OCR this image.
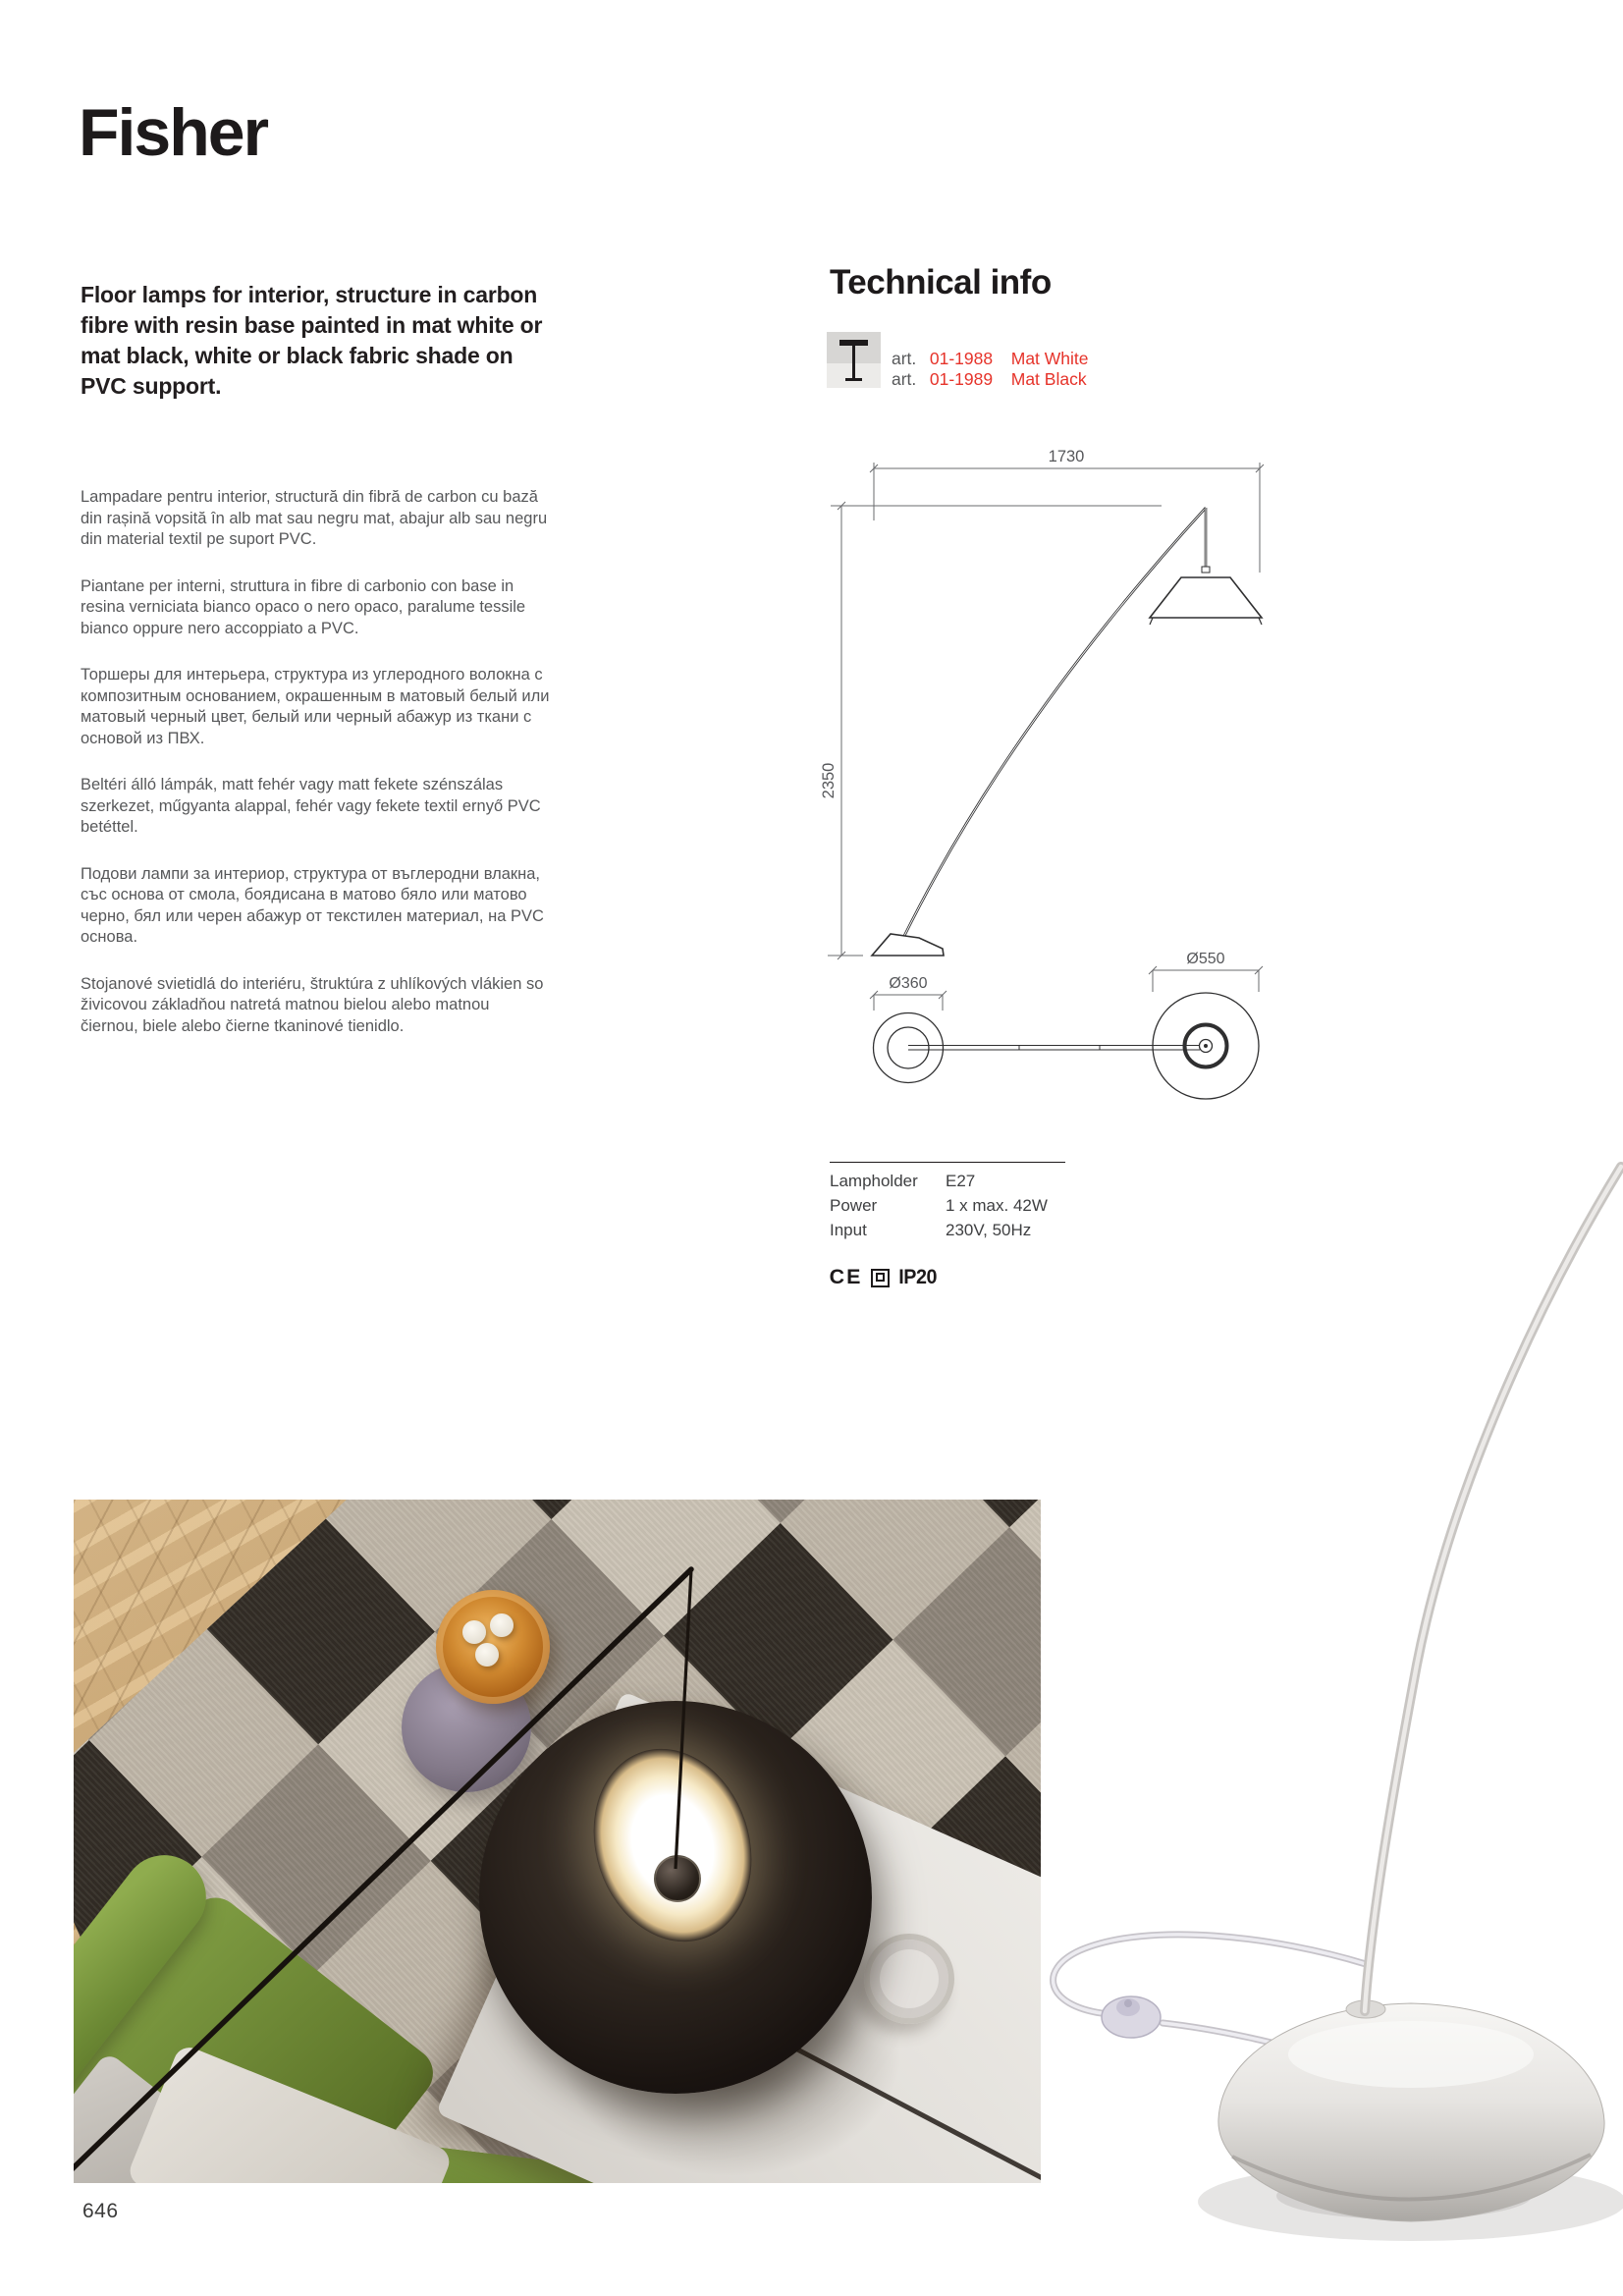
Fisher
Floor lamps for interior, structure in carbon fibre with resin base painted in mat white or mat black, white or black fabric shade on PVC support.

Lampadare pentru interior, structură din fibră de carbon cu bază din rașină vopsită în alb mat sau negru mat, abajur alb sau negru din material textil pe suport PVC.

Piantane per interni, struttura in fibre di carbonio con base in resina verniciata bianco opaco o nero opaco, paralume tessile bianco oppure nero accoppiato a PVC.

Торшеры для интерьера, структура из углеродного волокна с композитным основанием, окрашенным в матовый белый или матовый черный цвет, белый или черный абажур из ткани с основой из ПВХ.

Beltéri álló lámpák, matt fehér vagy matt fekete szénszálas szerkezet, műgyanta alappal, fehér vagy fekete textil ernyő PVC betéttel.

Подови лампи за интериор, структура от въглеродни влакна, със основа от смола, боядисана в матово бяло или матово черно, бял или черен абажур от текстилен материал, на PVC основа.

Stojanové svietidlá do interiéru, štruktúra z uhlíkových vlákien so živicovou základňou natretá matnou bielou alebo matnou čiernou, biele alebo čierne tkaninové tienidlo.

Technical info
art. 01-1988 Mat White
art. 01-1989 Mat Black
1730
2350
Ø360
Ø550
Lampholder E27
Power	1 x max. 42W
Input	230V, 50Hz
CE IP20
646
